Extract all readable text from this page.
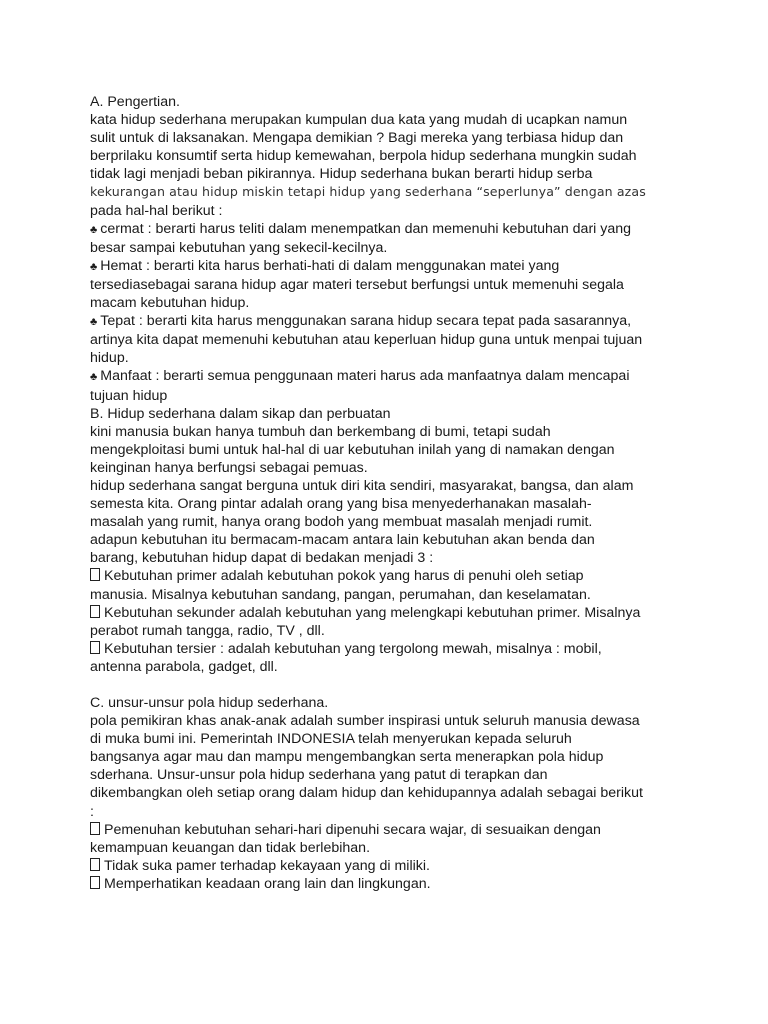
A. Pengertian.
kata hidup sederhana merupakan kumpulan dua kata yang mudah di ucapkan namun
sulit untuk di laksanakan. Mengapa demikian ? Bagi mereka yang terbiasa hidup dan
berprilaku konsumtif serta hidup kemewahan, berpola hidup sederhana mungkin sudah
tidak lagi menjadi beban pikirannya. Hidup sederhana bukan berarti hidup serba
kekurangan atau hidup miskin tetapi hidup yang sederhana “seperlunya” dengan azas
pada hal-hal berikut :
♣ cermat : berarti harus teliti dalam menempatkan dan memenuhi kebutuhan dari yang
besar sampai kebutuhan yang sekecil-kecilnya.
♣ Hemat : berarti kita harus berhati-hati di dalam menggunakan matei yang
tersediasebagai sarana hidup agar materi tersebut berfungsi untuk memenuhi segala
macam kebutuhan hidup.
♣ Tepat : berarti kita harus menggunakan sarana hidup secara tepat pada sasarannya,
artinya kita dapat memenuhi kebutuhan atau keperluan hidup guna untuk menpai tujuan
hidup.
♣ Manfaat : berarti semua penggunaan materi harus ada manfaatnya dalam mencapai
tujuan hidup
B. Hidup sederhana dalam sikap dan perbuatan
kini manusia bukan hanya tumbuh dan berkembang di bumi, tetapi sudah
mengekploitasi bumi untuk hal-hal di uar kebutuhan inilah yang di namakan dengan
keinginan hanya berfungsi sebagai pemuas.
hidup sederhana sangat berguna untuk diri kita sendiri, masyarakat, bangsa, dan alam
semesta kita. Orang pintar adalah orang yang bisa menyederhanakan masalah-
masalah yang rumit, hanya orang bodoh yang membuat masalah menjadi rumit.
adapun kebutuhan itu bermacam-macam antara lain kebutuhan akan benda dan
barang, kebutuhan hidup dapat di bedakan menjadi 3 :
Kebutuhan primer adalah kebutuhan pokok yang harus di penuhi oleh setiap
manusia. Misalnya kebutuhan sandang, pangan, perumahan, dan keselamatan.
Kebutuhan sekunder adalah kebutuhan yang melengkapi kebutuhan primer. Misalnya
perabot rumah tangga, radio, TV , dll.
Kebutuhan tersier : adalah kebutuhan yang tergolong mewah, misalnya : mobil,
antenna parabola, gadget, dll.
C. unsur-unsur pola hidup sederhana.
pola pemikiran khas anak-anak adalah sumber inspirasi untuk seluruh manusia dewasa
di muka bumi ini. Pemerintah INDONESIA telah menyerukan kepada seluruh
bangsanya agar mau dan mampu mengembangkan serta menerapkan pola hidup
sderhana. Unsur-unsur pola hidup sederhana yang patut di terapkan dan
dikembangkan oleh setiap orang dalam hidup dan kehidupannya adalah sebagai berikut
:
Pemenuhan kebutuhan sehari-hari dipenuhi secara wajar, di sesuaikan dengan
kemampuan keuangan dan tidak berlebihan.
Tidak suka pamer terhadap kekayaan yang di miliki.
Memperhatikan keadaan orang lain dan lingkungan.
